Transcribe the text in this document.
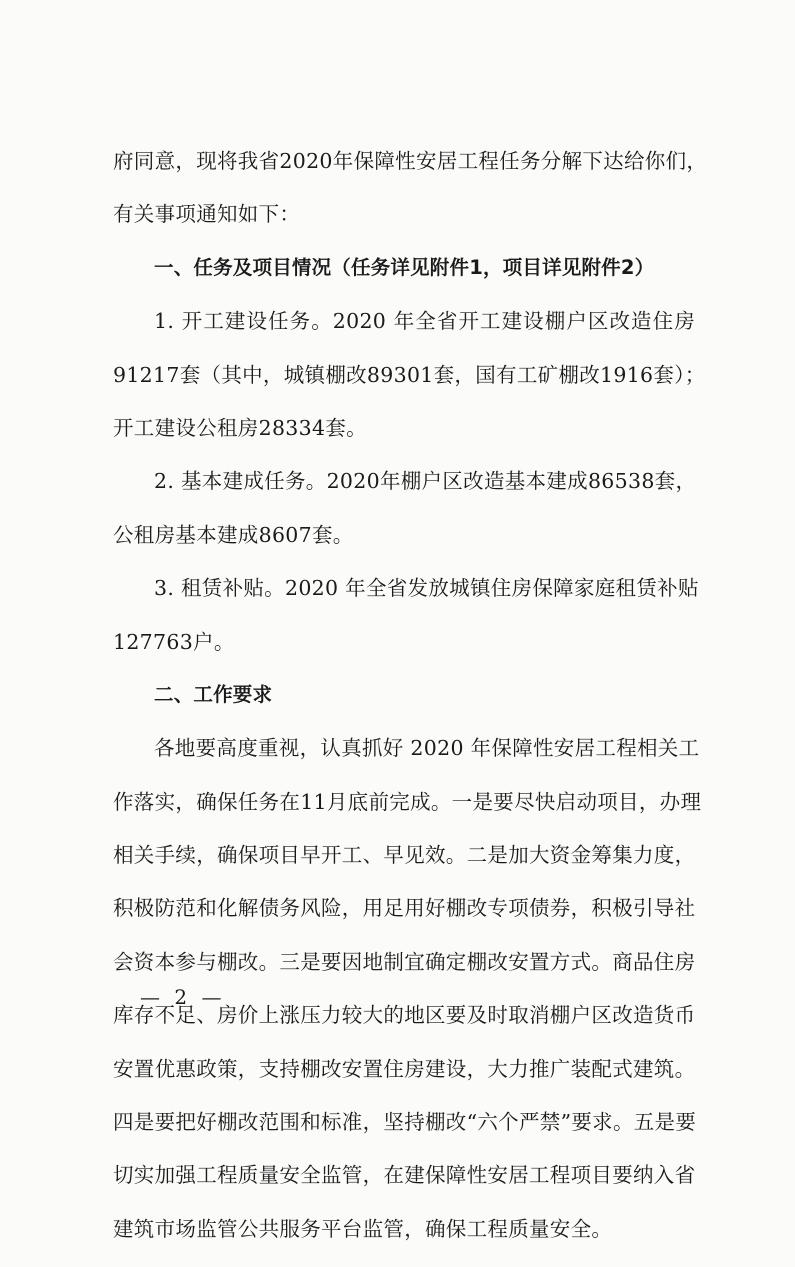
府同意，现将我省2020年保障性安居工程任务分解下达给你们，
有关事项通知如下：
一、任务及项目情况（任务详见附件1，项目详见附件2）
1. 开工建设任务。2020 年全省开工建设棚户区改造住房
91217套（其中，城镇棚改89301套，国有工矿棚改1916套）；
开工建设公租房28334套。
2. 基本建成任务。2020年棚户区改造基本建成86538套，
公租房基本建成8607套。
3. 租赁补贴。2020 年全省发放城镇住房保障家庭租赁补贴
127763户。
二、工作要求
各地要高度重视，认真抓好 2020 年保障性安居工程相关工
作落实，确保任务在11月底前完成。一是要尽快启动项目，办理
相关手续，确保项目早开工、早见效。二是加大资金筹集力度，
积极防范和化解债务风险，用足用好棚改专项债券，积极引导社
会资本参与棚改。三是要因地制宜确定棚改安置方式。商品住房
库存不足、房价上涨压力较大的地区要及时取消棚户区改造货币
安置优惠政策，支持棚改安置住房建设，大力推广装配式建筑。
四是要把好棚改范围和标准，坚持棚改“六个严禁”要求。五是要
切实加强工程质量安全监管，在建保障性安居工程项目要纳入省
建筑市场监管公共服务平台监管，确保工程质量安全。
— 2 —
